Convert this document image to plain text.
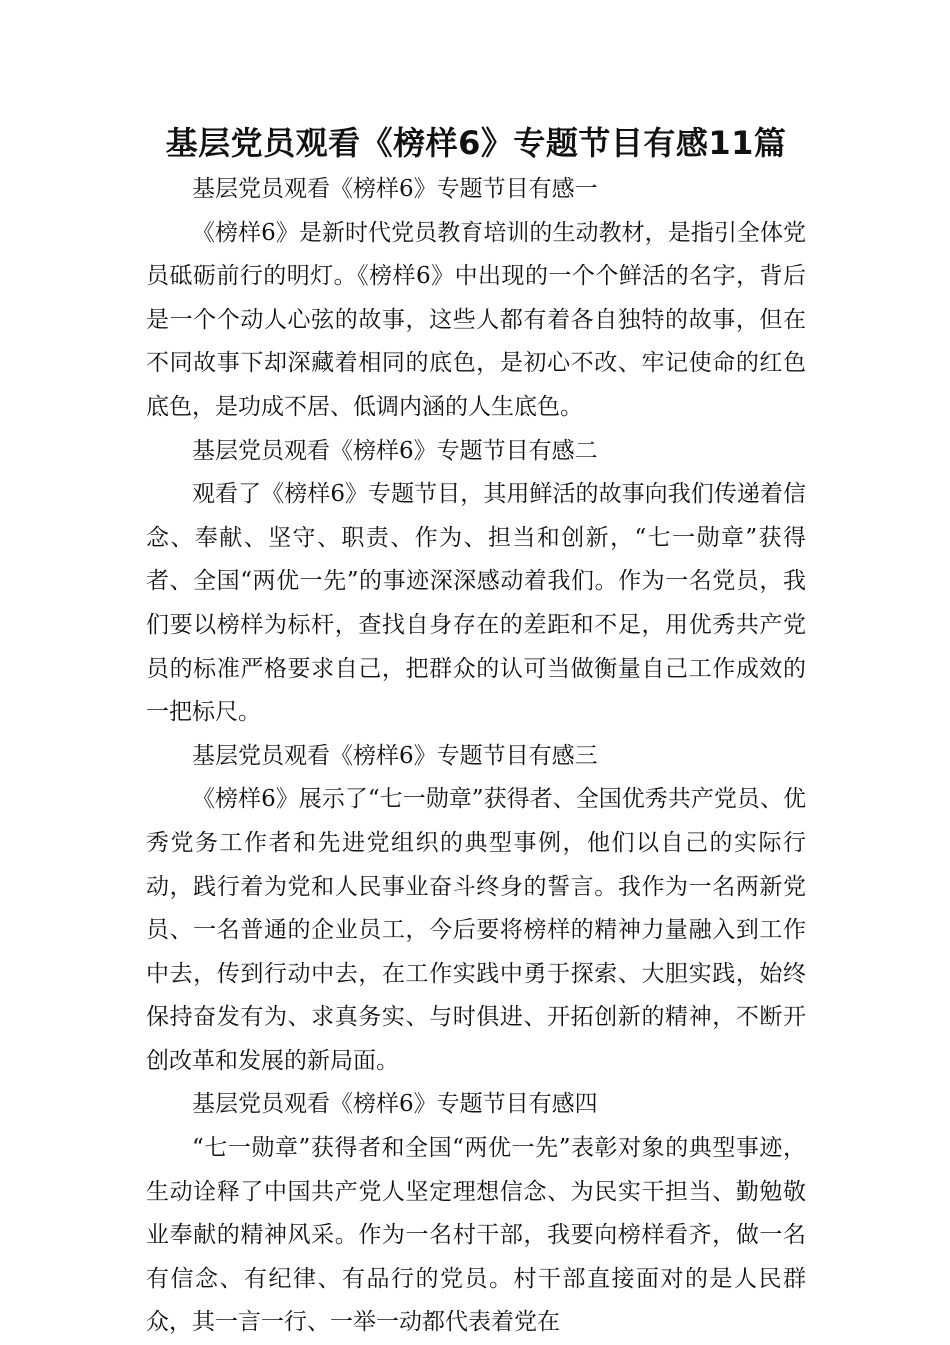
基层党员观看《榜样6》专题节目有感11篇

基层党员观看《榜样6》专题节目有感一

《榜样6》是新时代党员教育培训的生动教材，是指引全体党员砥砺前行的明灯。《榜样6》中出现的一个个鲜活的名字，背后是一个个动人心弦的故事，这些人都有着各自独特的故事，但在不同故事下却深藏着相同的底色，是初心不改、牢记使命的红色底色，是功成不居、低调内涵的人生底色。

基层党员观看《榜样6》专题节目有感二

观看了《榜样6》专题节目，其用鲜活的故事向我们传递着信念、奉献、坚守、职责、作为、担当和创新，“七一勋章”获得者、全国“两优一先”的事迹深深感动着我们。作为一名党员，我们要以榜样为标杆，查找自身存在的差距和不足，用优秀共产党员的标准严格要求自己，把群众的认可当做衡量自己工作成效的一把标尺。

基层党员观看《榜样6》专题节目有感三

《榜样6》展示了“七一勋章”获得者、全国优秀共产党员、优秀党务工作者和先进党组织的典型事例，他们以自己的实际行动，践行着为党和人民事业奋斗终身的誓言。我作为一名两新党员、一名普通的企业员工，今后要将榜样的精神力量融入到工作中去，传到行动中去，在工作实践中勇于探索、大胆实践，始终保持奋发有为、求真务实、与时俱进、开拓创新的精神，不断开创改革和发展的新局面。

基层党员观看《榜样6》专题节目有感四

“七一勋章”获得者和全国“两优一先”表彰对象的典型事迹，生动诠释了中国共产党人坚定理想信念、为民实干担当、勤勉敬业奉献的精神风采。作为一名村干部，我要向榜样看齐，做一名有信念、有纪律、有品行的党员。村干部直接面对的是人民群众，其一言一行、一举一动都代表着党在
